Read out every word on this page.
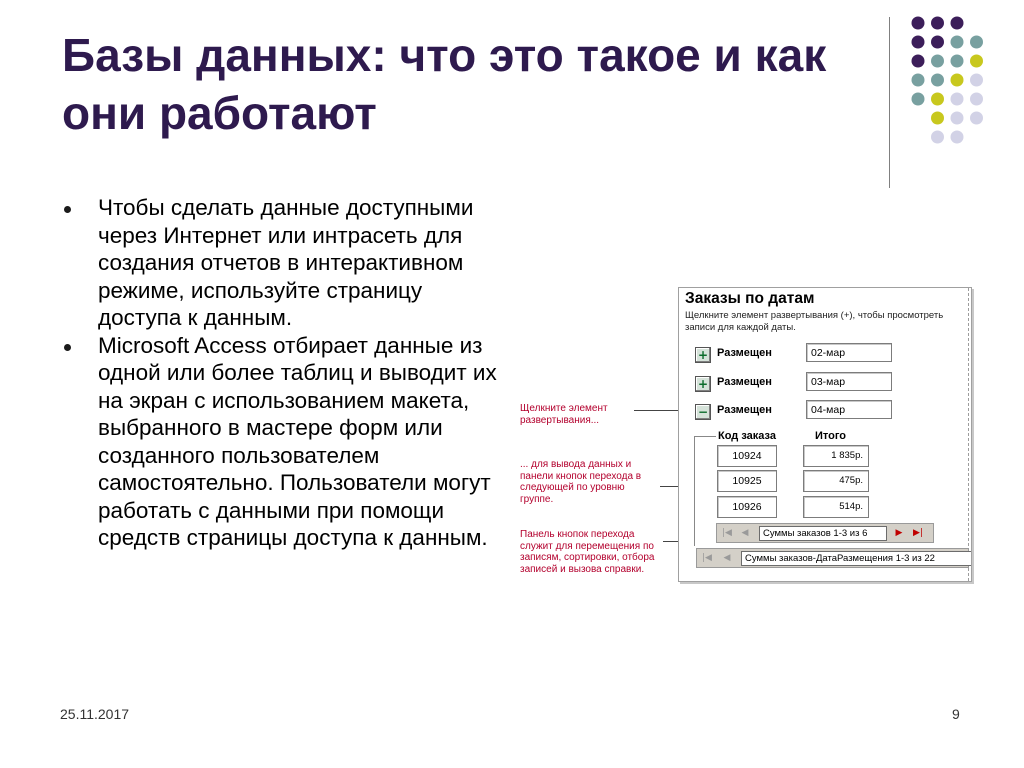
Базы данных: что это такое и как они работают
Чтобы сделать данные доступными через Интернет или интрасеть для создания отчетов в интерактивном режиме, используйте страницу доступа к данным.
Microsoft Access отбирает данные из одной или более таблиц и выводит их на экран с использованием макета, выбранного в мастере форм или созданного пользователем самостоятельно. Пользователи могут работать с данными при помощи средств страницы доступа к данным.
Щелкните элемент развертывания...
... для вывода данных и панели кнопок перехода в следующей по уровню группе.
Панель кнопок перехода служит для перемещения по записям, сортировки, отбора записей и вызова справки.
Заказы по датам
Щелкните элемент развертывания (+), чтобы просмотреть записи для каждой даты.
+ Размещен	02-мар
+ Размещен	03-мар
− Размещен	04-мар
Код заказа	Итого
10924	1 835р.
10925	475р.
10926	514р.
|◀ ◀	Суммы заказов 1-3 из 6	▶ ▶|
|◀ ◀	Суммы заказов-ДатаРазмещения 1-3 из 22
25.11.2017	9
